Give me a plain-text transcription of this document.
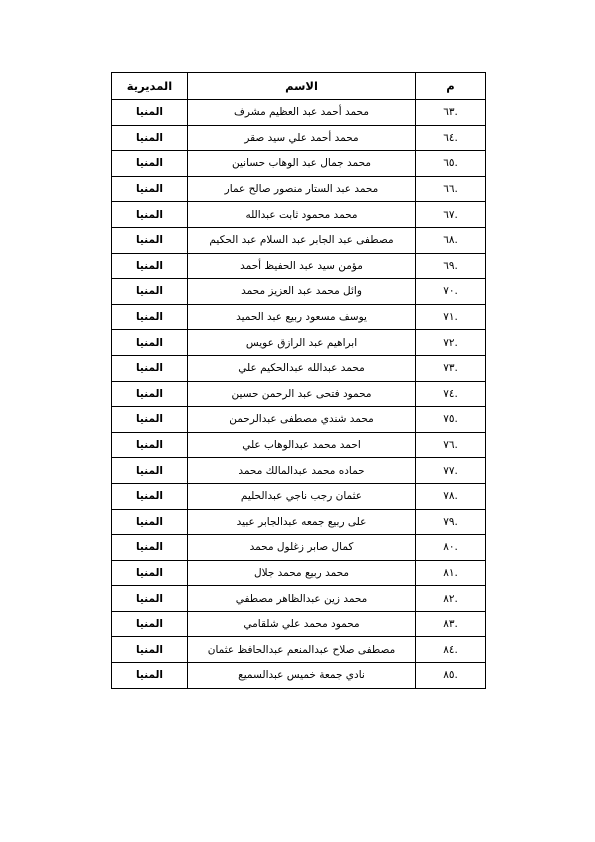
م	الاسم	المديرية
.٦٣	محمد أحمد عبد العظيم مشرف	المنيا
.٦٤	محمد أحمد علي سيد صقر	المنيا
.٦٥	محمد جمال عبد الوهاب حسانين	المنيا
.٦٦	محمد عبد الستار منصور صالح عمار	المنيا
.٦٧	محمد محمود ثابت عبدالله	المنيا
.٦٨	مصطفى عبد الجابر عبد السلام عبد الحكيم	المنيا
.٦٩	مؤمن سيد عبد الحفيظ أحمد	المنيا
.٧٠	وائل محمد عبد العزيز محمد	المنيا
.٧١	يوسف مسعود ربيع عبد الحميد	المنيا
.٧٢	ابراهيم عبد الرازق عويس	المنيا
.٧٣	محمد عبدالله عبدالحكيم علي	المنيا
.٧٤	محمود فتحى عبد الرحمن حسين	المنيا
.٧٥	محمد شندي مصطفى عبدالرحمن	المنيا
.٧٦	احمد محمد عبدالوهاب علي	المنيا
.٧٧	حماده محمد عبدالمالك محمد	المنيا
.٧٨	عثمان رجب ناجي عبدالحليم	المنيا
.٧٩	على ربيع جمعه عبدالجابر عبيد	المنيا
.٨٠	كمال صابر زغلول محمد	المنيا
.٨١	محمد ربيع محمد جلال	المنيا
.٨٢	محمد زين عبدالظاهر مصطفي	المنيا
.٨٣	محمود محمد علي شلقامي	المنيا
.٨٤	مصطفى صلاح عبدالمنعم عبدالحافظ عثمان	المنيا
.٨٥	نادي جمعة خميس عبدالسميع	المنيا
